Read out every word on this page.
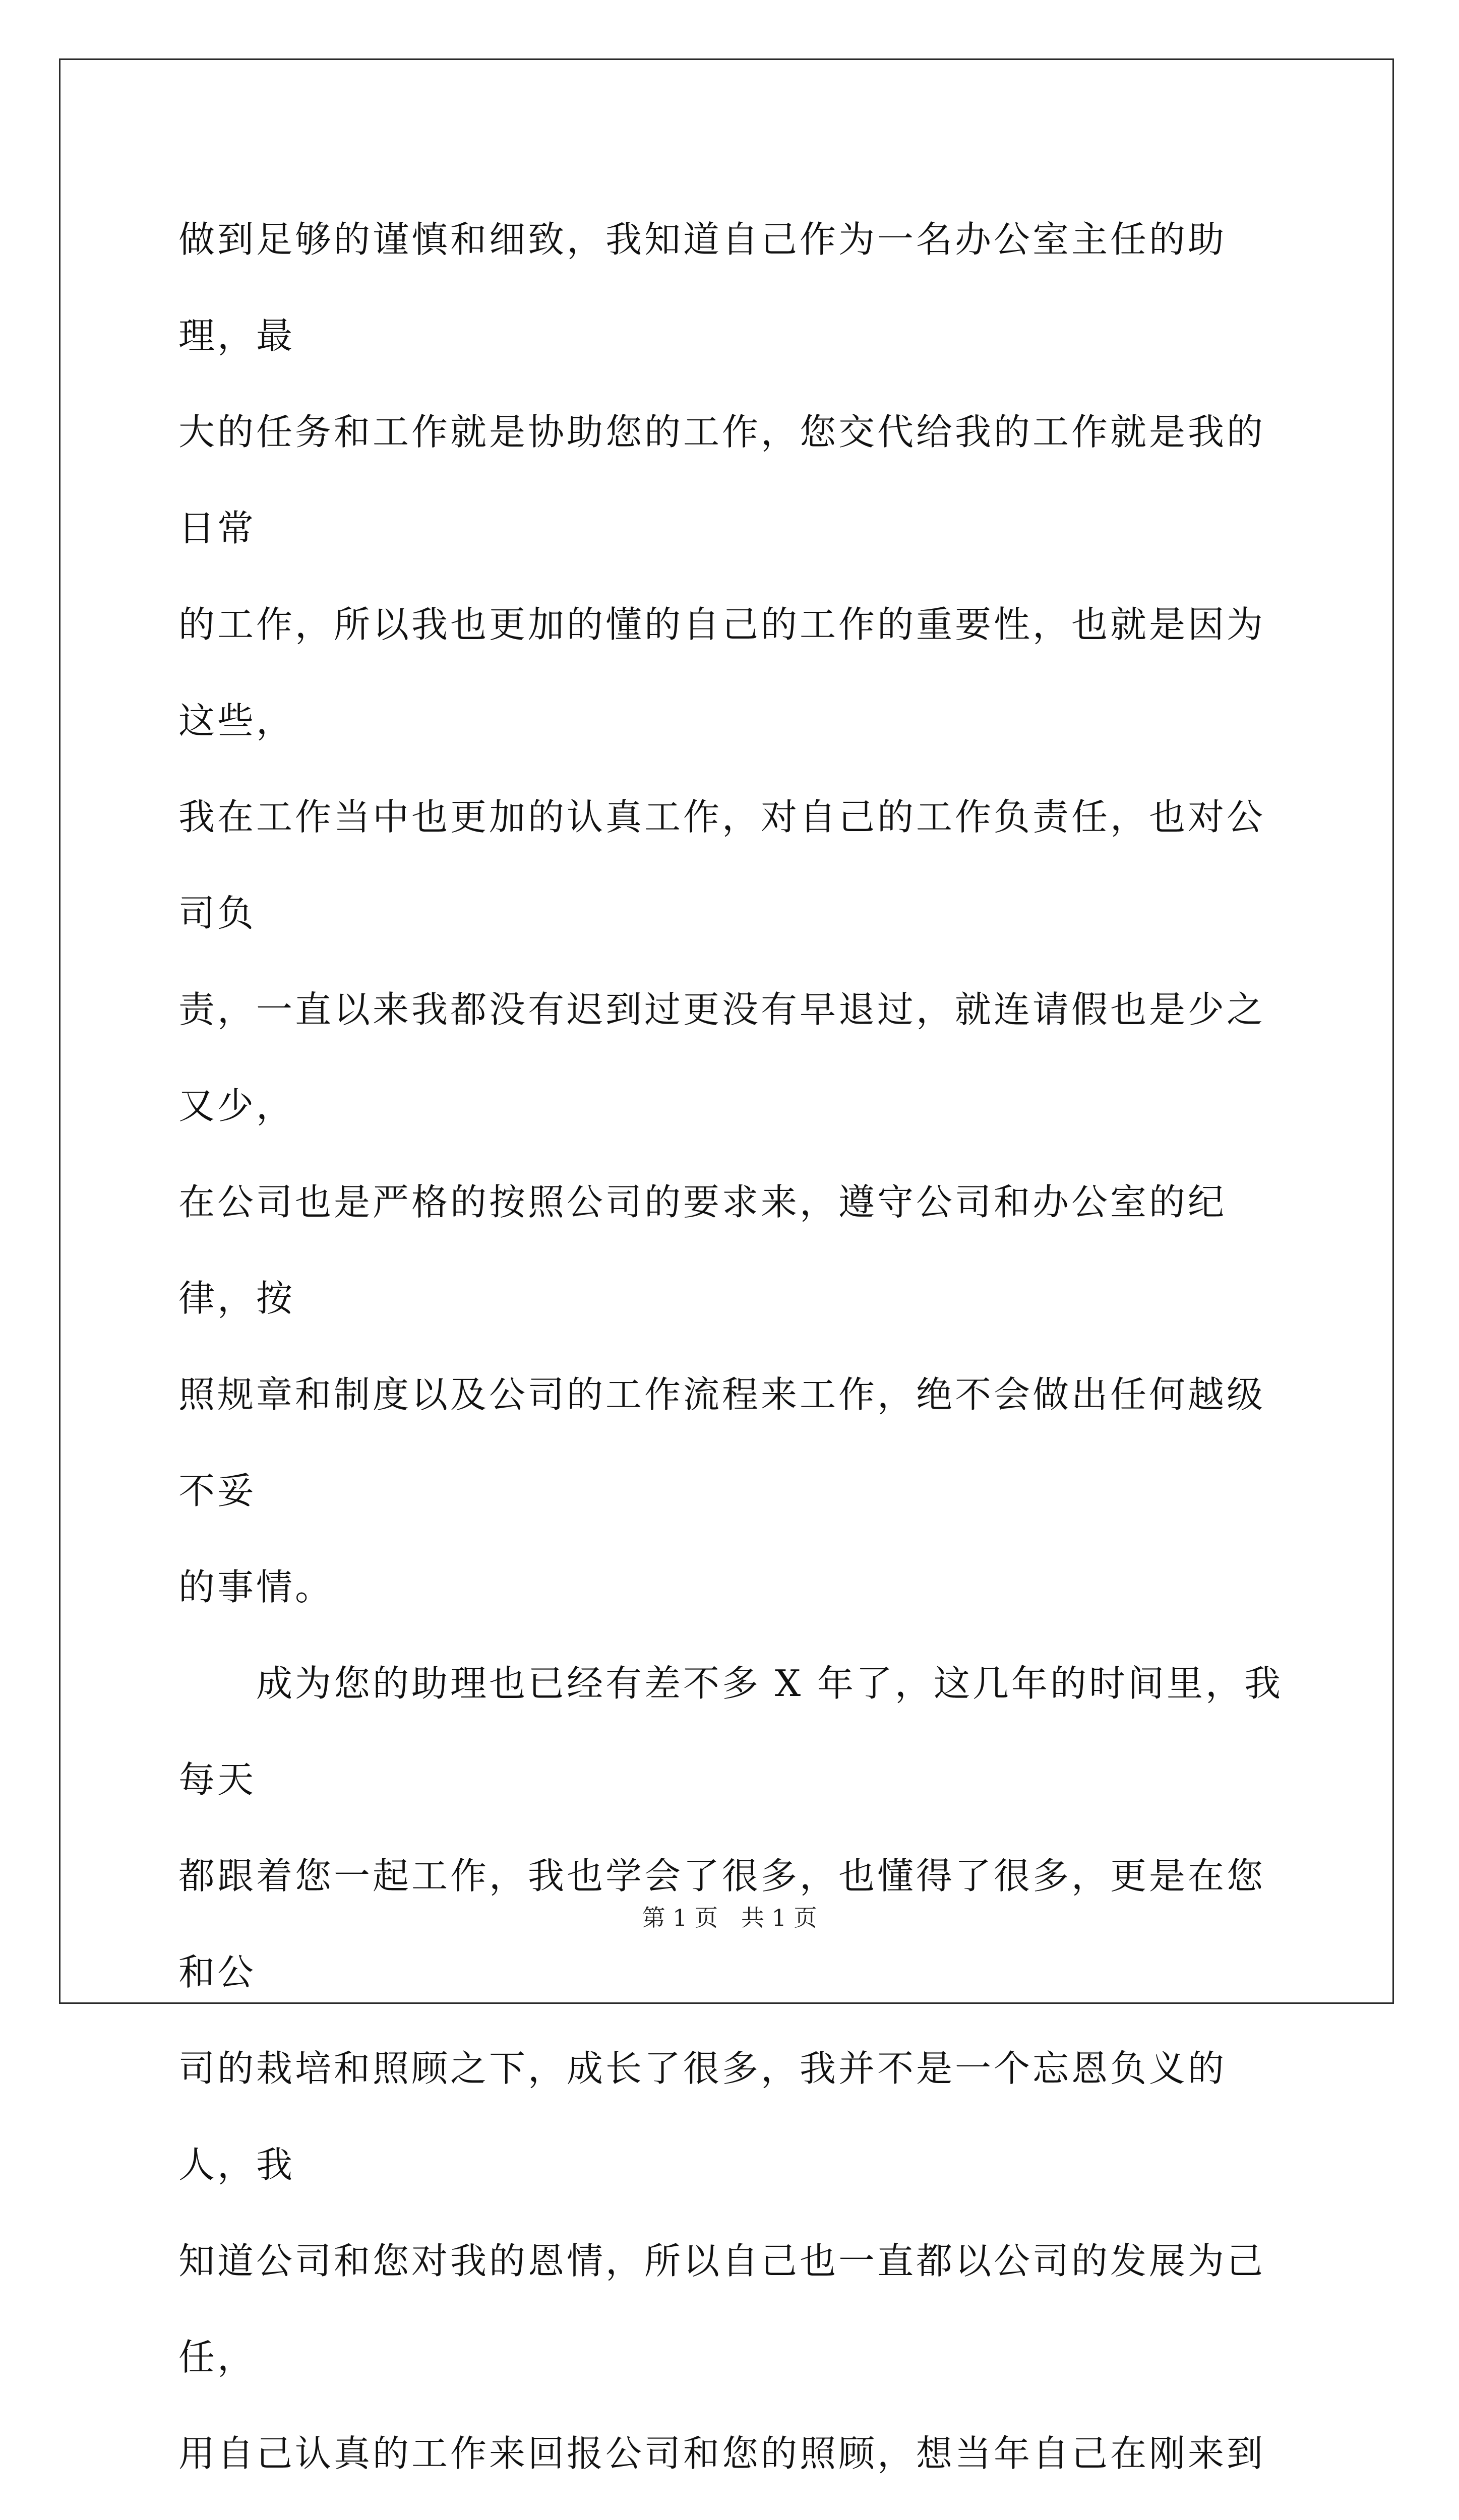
做到足够的谨慎和细致，我知道自己作为一名办公室主任的助理，最
大的任务和工作就是协助您的工作，您交代给我的工作就是我的日常
的工作，所以我也更加的懂的自己的工作的重要性，也就是因为这些，
我在工作当中也更加的认真工作，对自己的工作负责任，也对公司负
责，一直以来我都没有迟到过更没有早退过，就连请假也是少之又少，
在公司也是严格的按照公司的要求来，遵守公司和办公室的纪律，按
照规章和制度以及公司的工作流程来工作，绝不会做出任何越级不妥
的事情。

成为您的助理也已经有差不多 X 年了，这几年的时间里，我每天
都跟着您一起工作，我也学会了很多，也懂得了很多，更是在您和公
司的栽培和照顾之下，成长了很多，我并不是一个忘恩负义的人，我
知道公司和您对我的恩情，所以自己也一直都以公司的发展为己任，
用自己认真的工作来回报公司和您的照顾，想当年自己在刚来到

第 1 页　共 1 页
